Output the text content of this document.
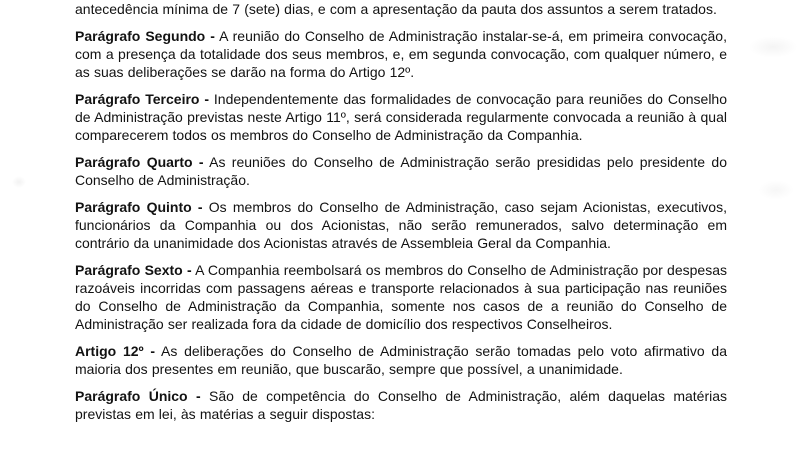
antecedência mínima de 7 (sete) dias, e com a apresentação da pauta dos assuntos a serem tratados.

Parágrafo Segundo - A reunião do Conselho de Administração instalar-se-á, em primeira convocação, com a presença da totalidade dos seus membros, e, em segunda convocação, com qualquer número, e as suas deliberações se darão na forma do Artigo 12º.

Parágrafo Terceiro - Independentemente das formalidades de convocação para reuniões do Conselho de Administração previstas neste Artigo 11º, será considerada regularmente convocada a reunião à qual comparecerem todos os membros do Conselho de Administração da Companhia.

Parágrafo Quarto - As reuniões do Conselho de Administração serão presididas pelo presidente do Conselho de Administração.

Parágrafo Quinto - Os membros do Conselho de Administração, caso sejam Acionistas, executivos, funcionários da Companhia ou dos Acionistas, não serão remunerados, salvo determinação em contrário da unanimidade dos Acionistas através de Assembleia Geral da Companhia.

Parágrafo Sexto - A Companhia reembolsará os membros do Conselho de Administração por despesas razoáveis incorridas com passagens aéreas e transporte relacionados à sua participação nas reuniões do Conselho de Administração da Companhia, somente nos casos de a reunião do Conselho de Administração ser realizada fora da cidade de domicílio dos respectivos Conselheiros.

Artigo 12º - As deliberações do Conselho de Administração serão tomadas pelo voto afirmativo da maioria dos presentes em reunião, que buscarão, sempre que possível, a unanimidade.

Parágrafo Único - São de competência do Conselho de Administração, além daquelas matérias previstas em lei, às matérias a seguir dispostas:
